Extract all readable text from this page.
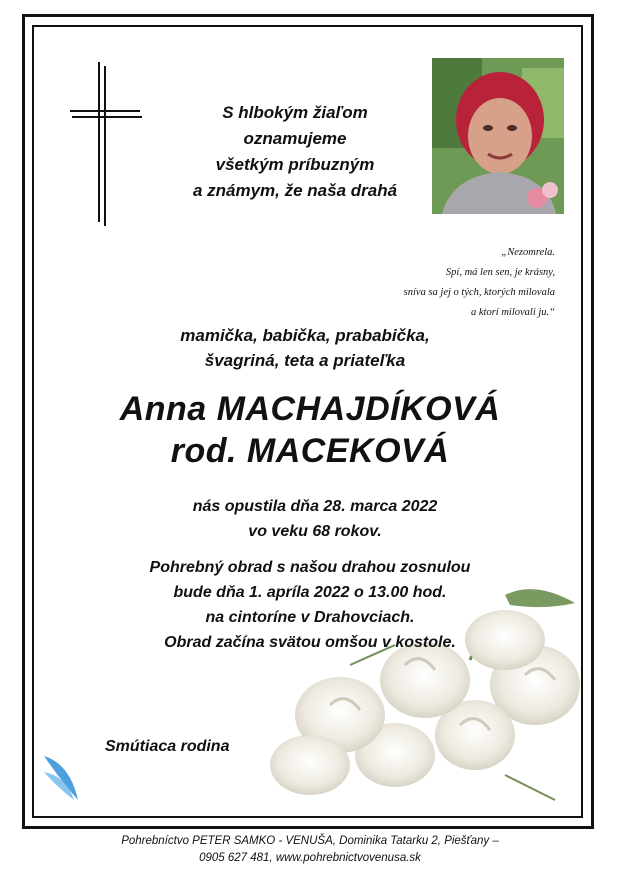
S hlbokým žiaľom
oznamujeme
všetkým príbuzným
a známym, že naša drahá
„Nezomrela.
Spí, má len sen, je krásny,
sníva sa jej o tých, ktorých milovala
a ktorí milovali ju.“
mamička, babička, prababička,
švagriná, teta a priateľka
Anna MACHAJDÍKOVÁ
rod. MACEKOVÁ
nás opustila dňa 28. marca 2022
vo veku 68 rokov.
Pohrebný obrad s našou drahou zosnulou
bude dňa 1. apríla 2022 o 13.00 hod.
na cintoríne v Drahovciach.
Obrad začína svätou omšou v kostole.
Smútiaca rodina
Pohrebníctvo PETER SAMKO - VENUŠA, Dominika Tatarku 2, Piešťany –
0905 627 481, www.pohrebnictvovenusa.sk
